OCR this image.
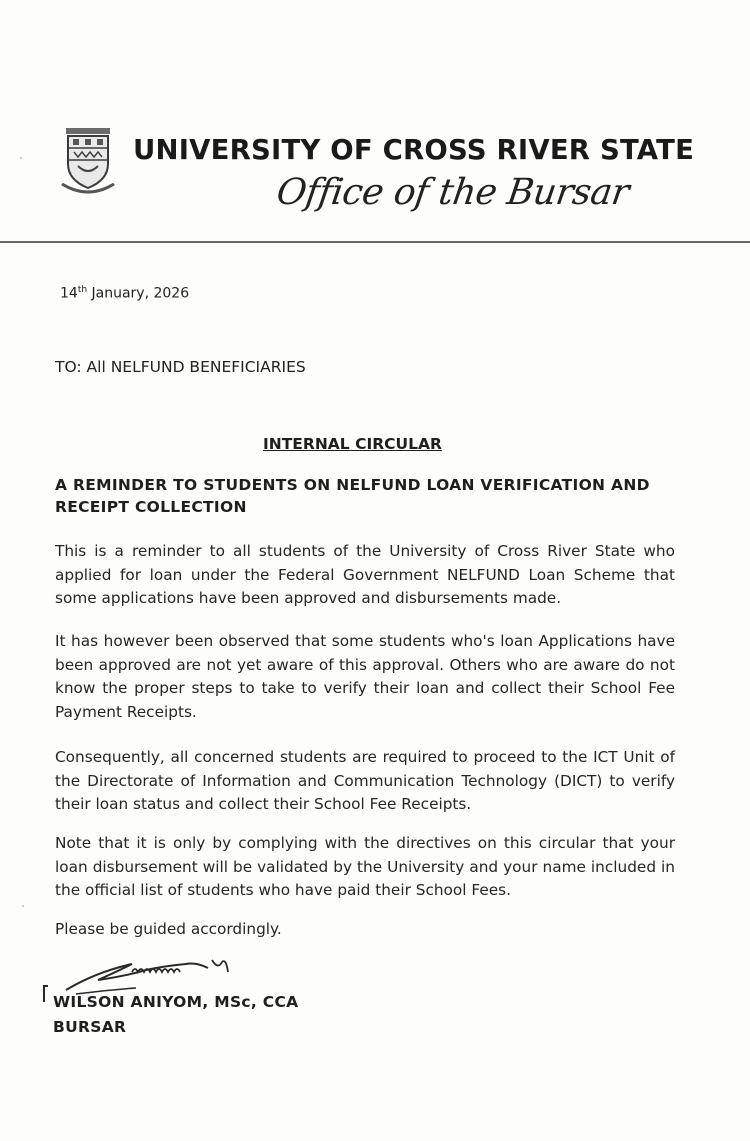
UNIVERSITY OF CROSS RIVER STATE
Office of the Bursar
14th January, 2026
TO: All NELFUND BENEFICIARIES
INTERNAL CIRCULAR
A REMINDER TO STUDENTS ON NELFUND LOAN VERIFICATION AND RECEIPT COLLECTION
This is a reminder to all students of the University of Cross River State who applied for loan under the Federal Government NELFUND Loan Scheme that some applications have been approved and disbursements made.
It has however been observed that some students who's loan Applications have been approved are not yet aware of this approval. Others who are aware do not know the proper steps to take to verify their loan and collect their School Fee Payment Receipts.
Consequently, all concerned students are required to proceed to the ICT Unit of the Directorate of Information and Communication Technology (DICT) to verify their loan status and collect their School Fee Receipts.
Note that it is only by complying with the directives on this circular that your loan disbursement will be validated by the University and your name included in the official list of students who have paid their School Fees.
Please be guided accordingly.
WILSON ANIYOM, MSc, CCA
BURSAR
